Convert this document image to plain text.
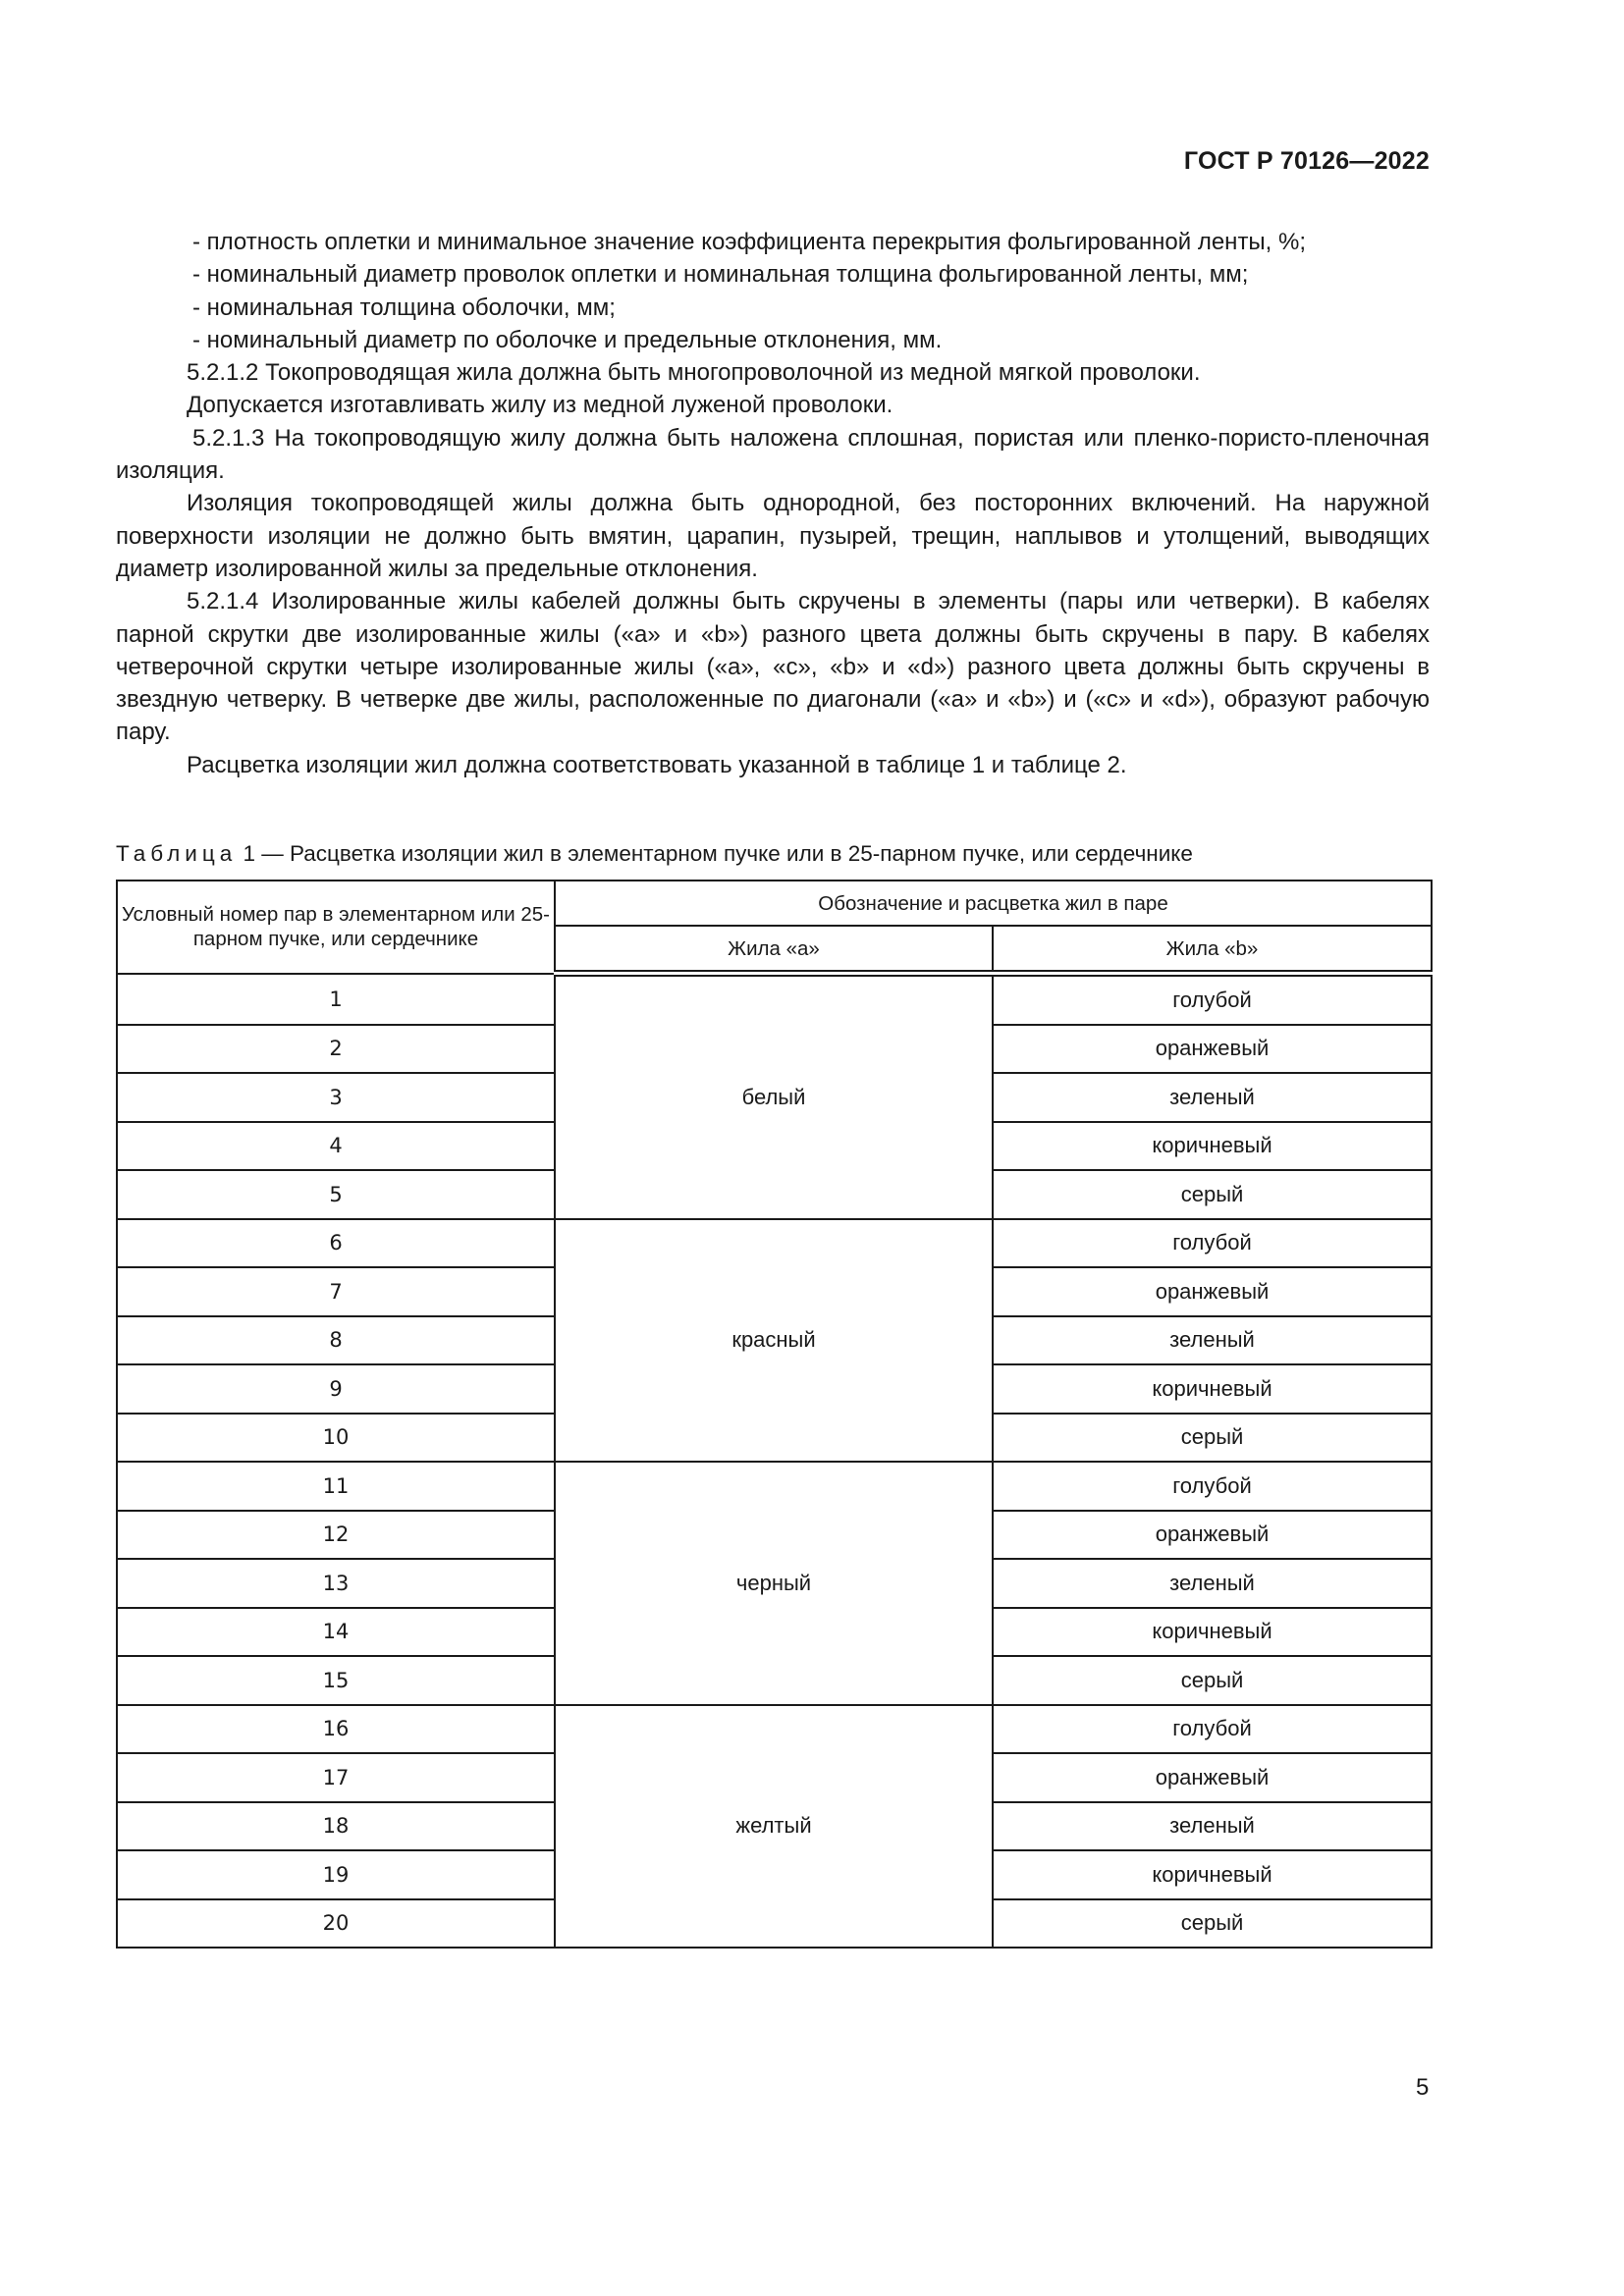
ГОСТ Р 70126—2022

- плотность оплетки и минимальное значение коэффициента перекрытия фольгированной ленты, %;

- номинальный диаметр проволок оплетки и номинальная толщина фольгированной ленты, мм;

- номинальная толщина оболочки, мм;

- номинальный диаметр по оболочке и предельные отклонения, мм.

5.2.1.2 Токопроводящая жила должна быть многопроволочной из медной мягкой проволоки.

Допускается изготавливать жилу из медной луженой проволоки.

5.2.1.3 На токопроводящую жилу должна быть наложена сплошная, пористая или пленко-пористо-пленочная изоляция.

Изоляция токопроводящей жилы должна быть однородной, без посторонних включений. На наружной поверхности изоляции не должно быть вмятин, царапин, пузырей, трещин, наплывов и утолщений, выводящих диаметр изолированной жилы за предельные отклонения.

5.2.1.4 Изолированные жилы кабелей должны быть скручены в элементы (пары или четверки). В кабелях парной скрутки две изолированные жилы («a» и «b») разного цвета должны быть скручены в пару. В кабелях четверочной скрутки четыре изолированные жилы («a», «c», «b» и «d») разного цвета должны быть скручены в звездную четверку. В четверке две жилы, расположенные по диагонали («a» и «b») и («c» и «d»), образуют рабочую пару.

Расцветка изоляции жил должна соответствовать указанной в таблице 1 и таблице 2.

Таблица 1 — Расцветка изоляции жил в элементарном пучке или в 25-парном пучке, или сердечнике
Условный номер пар в элементарном или 25-парном пучке, или сердечнике	Обозначение и расцветка жил в паре	
	Жила «a»	Жила «b»
1	белый	голубой
2		оранжевый
3		зеленый
4		коричневый
5		серый
6	красный	голубой
7		оранжевый
8		зеленый
9		коричневый
10		серый
11	черный	голубой
12		оранжевый
13		зеленый
14		коричневый
15		серый
16	желтый	голубой
17		оранжевый
18		зеленый
19		коричневый
20		серый
5
